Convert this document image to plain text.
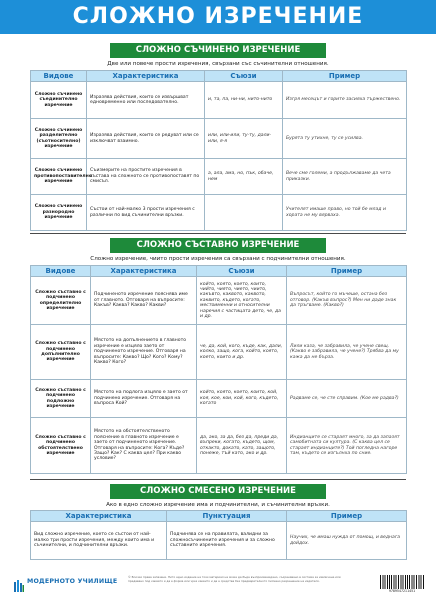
СЛОЖНО ИЗРЕЧЕНИЕ
СЛОЖНО СЪЧИНЕНО ИЗРЕЧЕНИЕ
Две или повече прости изречения, свързани със съчинителни отношения.
Видове	Характеристика	Съюзи	Пример
Сложно съчинено съединително изречение	Изразява действия, които се извършват едновременно или последователно.	и, та, па, ни-ни, нито-нито	Изгря месецът и горите засияха тържествено.
Сложно съчинено разделително (съотносително) изречение	Изразява действия, които се редуват или се изключват взаимно.	или, или-или, ту-ту, дали-или, я-я	Бурята ту утихне, ту се усилва.
Сложно съчинено противопоставително изречение	Съизмерите на простите изречения в състава на сложното се противопоставят по смисъл.	а, ала, ама, но, пък, обаче, нем	Вече сме големи, а продължаваме да чета приказки.
Сложно съчинено разнородно изречение	Състои от най-малко 3 прости изречения с различни по вид съчинителни връзки.		Учителят имаше право, но той бе млад и хората не му вярваха.
СЛОЖНО СЪСТАВНО ИЗРЕЧЕНИЕ
Сложно изречение, чиито прости изречения са свързани с подчинителни отношения.
Видове	Характеристика	Съюзи	Пример
Сложно съставно с подчинено определително изречение	Подчиненото изречение пояснява име от главното. Отговаря на въпросите: Какъв? Каква? Какво? Какви?	който, която, което, които, чийто, чиято, чието, чиито, какъвто, каквото, каквото, каквито, където, когато, местоименни и относителни наречия с частицата дето, че, да и др.	Въпросът, който го мъчеше, остана без отговор. (Какъв въпрос?) Мен ни даде знак да тръгваме. (Какво?)
Сложно съставно с подчинено допълнително изречение	Мястото на допълнението в главното изречение е изцяло заето от подчиненото изречение. Отговаря на въпросите: Какво? Що? Кого? Кому? Какво? Кого?	че, да, кой, кого, къде, как, дали, колко, защо, кога, който, която, което, които и др.	Лили каза, че забравила, че учене свещ. (Какво е забравила, че учене?) Трябва да му кажа да не бърза.
Сложно съставно с подчинено подложно изречение	Мястото на подлога изцяло е заето от подчинено изречение. Отговаря на въпроса Кой?	който, която, което, които, кой, коя, кое, кои, кой, кого, където, когато	Радваме се, че сте справим. (Кое ме радва?)
Сложно съставно с подчинено обстоятелствено изречение	Мястото на обстоятелственото пояснение в главното изречение е заето от подчиненото изречение. Отговаря на въпросите: Кога? Къде? Защо? Как? С каква цел? При какво условие?	да, ако, за да, без да, преди да, въпреки, когато, където, щом, откакто, докато, като, защото, понеже, тъй като, ако и др.	Индианците се стараят много, за да запазят самобитната си култура. (С каква цел се стараят индианците?) Той погледна нагоре там, където се изгълнха по сние.
СЛОЖНО СМЕСЕНО ИЗРЕЧЕНИЕ
Ако в едно сложно изречение има и подчинителни, и съчинителни връзки.
Характеристика	Пунктуация	Пример
Вид сложно изречение, което се състои от най-малко три прости изречения, между които има и съчинителни, и подчинителни връзки.	Подчинява се на правилата, валидни за сложносъчинените изречения и за сложно съставните изречения.	Научих, че имаш нужда от помощ, и веднага дойдох.
МОДЕРНОТО УЧИЛИЩЕ
© Всички права запазени. Нито едно издание на този материал не може да бъде възпроизвеждано, съхранявано в система за извличане или предавано под каквато и да е форма или чрез каквито и да е средства без предварителното писмено разрешение на издателя.
9789547211451
